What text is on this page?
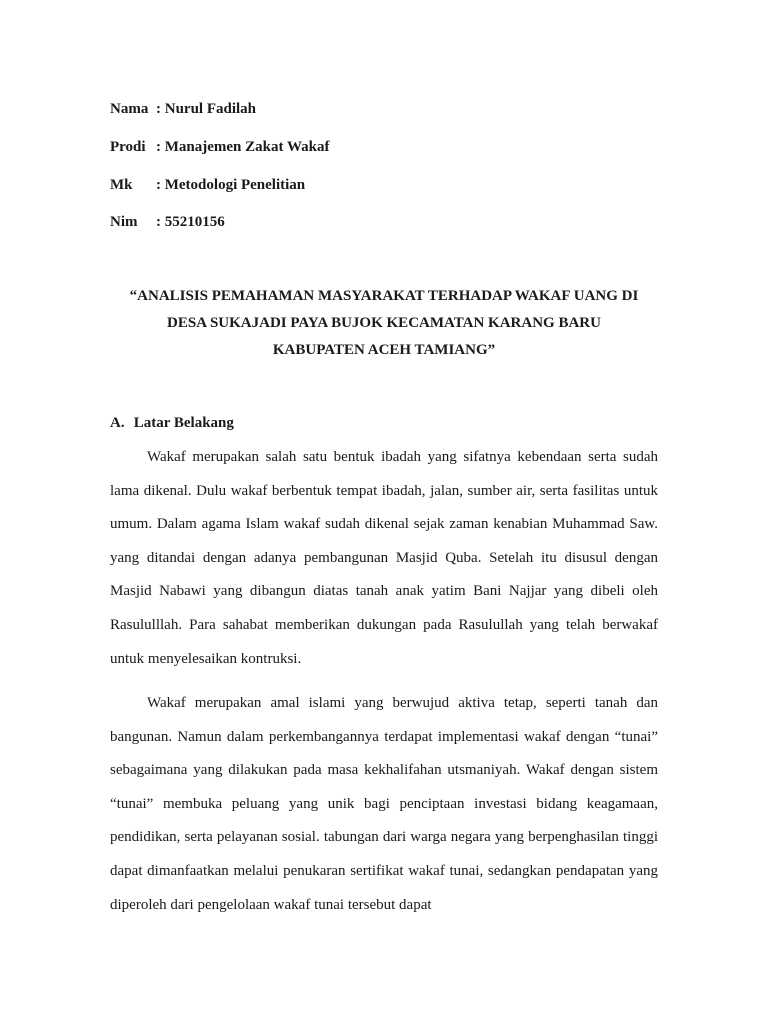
Nama : Nurul Fadilah
Prodi : Manajemen Zakat Wakaf
Mk : Metodologi Penelitian
Nim : 55210156
“ANALISIS PEMAHAMAN MASYARAKAT TERHADAP WAKAF UANG DI
DESA SUKAJADI PAYA BUJOK KECAMATAN KARANG BARU
KABUPATEN ACEH TAMIANG”
A. Latar Belakang

Wakaf merupakan salah satu bentuk ibadah yang sifatnya kebendaan serta sudah lama dikenal. Dulu wakaf berbentuk tempat ibadah, jalan, sumber air, serta fasilitas untuk umum. Dalam agama Islam wakaf sudah dikenal sejak zaman kenabian Muhammad Saw. yang ditandai dengan adanya pembangunan Masjid Quba. Setelah itu disusul dengan Masjid Nabawi yang dibangun diatas tanah anak yatim Bani Najjar yang dibeli oleh Rasululllah. Para sahabat memberikan dukungan pada Rasulullah yang telah berwakaf untuk menyelesaikan kontruksi.

Wakaf merupakan amal islami yang berwujud aktiva tetap, seperti tanah dan bangunan. Namun dalam perkembangannya terdapat implementasi wakaf dengan “tunai” sebagaimana yang dilakukan pada masa kekhalifahan utsmaniyah. Wakaf dengan sistem “tunai” membuka peluang yang unik bagi penciptaan investasi bidang keagamaan, pendidikan, serta pelayanan sosial. tabungan dari warga negara yang berpenghasilan tinggi dapat dimanfaatkan melalui penukaran sertifikat wakaf tunai, sedangkan pendapatan yang diperoleh dari pengelolaan wakaf tunai tersebut dapat
